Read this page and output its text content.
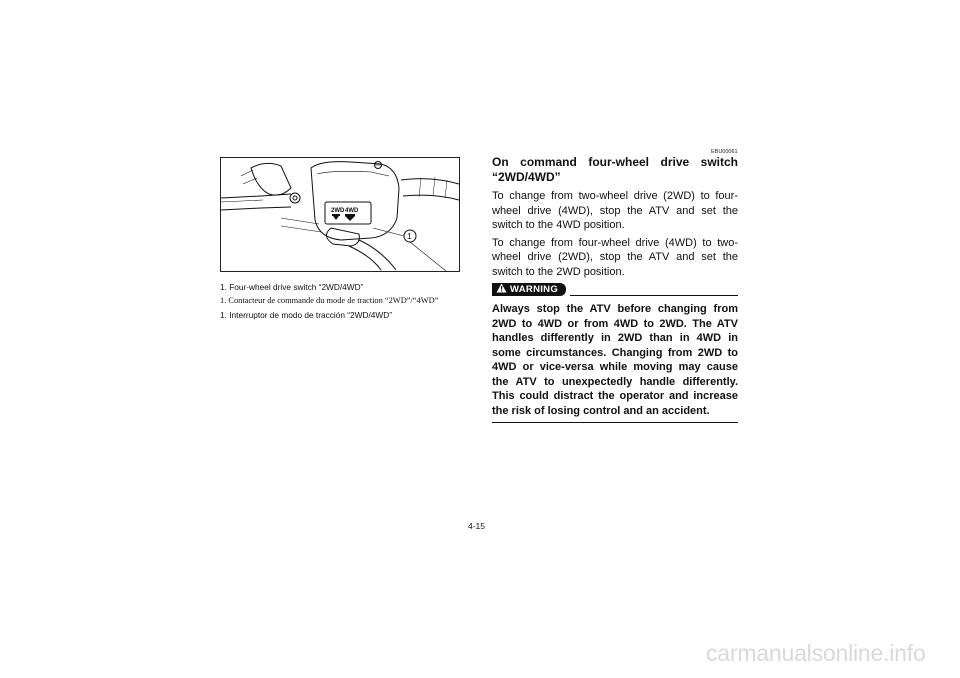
2WD 4WD
1
1. Four-wheel drive switch “2WD/4WD”
1. Contacteur de commande du mode de traction “2WD”/“4WD”
1. Interruptor de modo de tracción “2WD/4WD”
EBU00061
On command four-wheel drive switch
“2WD/4WD”

To change from two-wheel drive (2WD) to four-wheel drive (4WD), stop the ATV and set the switch to the 4WD position.

To change from four-wheel drive (4WD) to two-wheel drive (2WD), stop the ATV and set the switch to the 2WD position.

WARNING
Always stop the ATV before changing from 2WD to 4WD or from 4WD to 2WD. The ATV handles differently in 2WD than in 4WD in some circumstances. Changing from 2WD to 4WD or vice-versa while moving may cause the ATV to unexpectedly handle differently. This could distract the operator and increase the risk of losing control and an accident.
4-15
carmanualsonline.info
